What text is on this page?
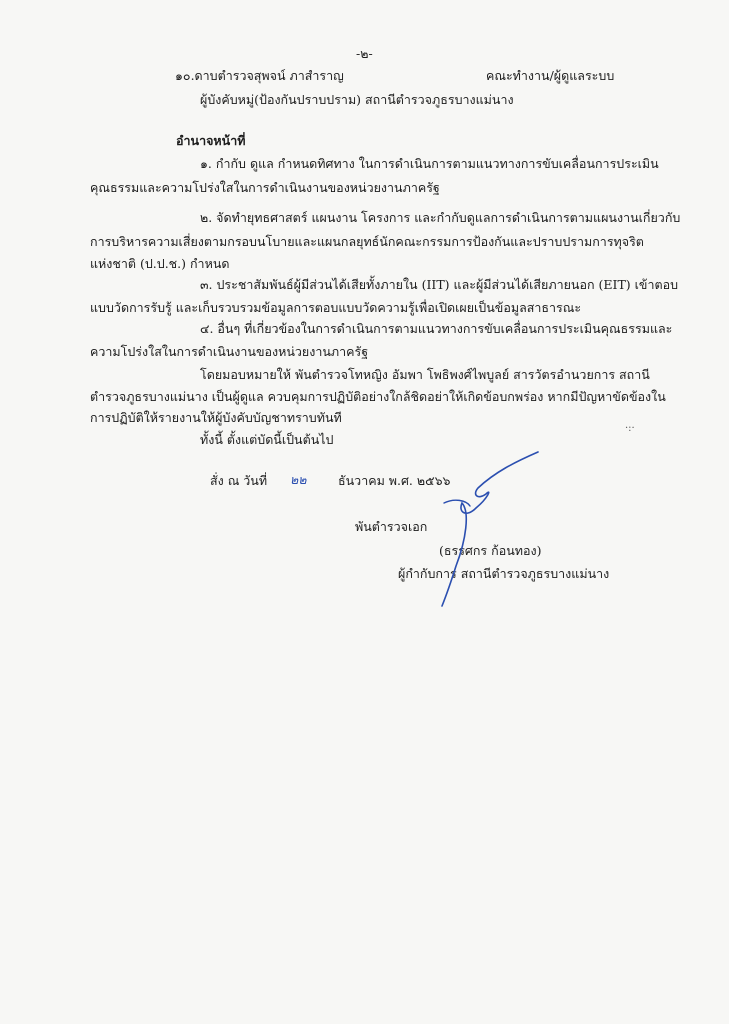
-๒-
๑๐.ดาบตำรวจสุพจน์ ภาสำราญ	คณะทำงาน/ผู้ดูแลระบบ
ผู้บังคับหมู่(ป้องกันปราบปราม) สถานีตำรวจภูธรบางแม่นาง
อำนาจหน้าที่
๑. กำกับ ดูแล กำหนดทิศทาง ในการดำเนินการตามแนวทางการขับเคลื่อนการประเมิน
คุณธรรมและความโปร่งใสในการดำเนินงานของหน่วยงานภาครัฐ
๒. จัดทำยุทธศาสตร์ แผนงาน โครงการ และกำกับดูแลการดำเนินการตามแผนงานเกี่ยวกับ
การบริหารความเสี่ยงตามกรอบนโบายและแผนกลยุทธ์นักคณะกรรมการป้องกันและปราบปรามการทุจริต
แห่งชาติ (ป.ป.ช.) กำหนด
๓. ประชาสัมพันธ์ผู้มีส่วนได้เสียทั้งภายใน (IIT) และผู้มีส่วนได้เสียภายนอก (EIT) เข้าตอบ
แบบวัดการรับรู้ และเก็บรวบรวมข้อมูลการตอบแบบวัดความรู้เพื่อเปิดเผยเป็นข้อมูลสาธารณะ
๔. อื่นๆ ที่เกี่ยวข้องในการดำเนินการตามแนวทางการขับเคลื่อนการประเมินคุณธรรมและ
ความโปร่งใสในการดำเนินงานของหน่วยงานภาครัฐ
โดยมอบหมายให้ พันตำรวจโทหญิง อัมพา โพธิพงศ์ไพบูลย์ สารวัตรอำนวยการ สถานี
ตำรวจภูธรบางแม่นาง เป็นผู้ดูแล ควบคุมการปฏิบัติอย่างใกล้ชิดอย่าให้เกิดข้อบกพร่อง หากมีปัญหาขัดข้องใน
การปฏิบัติให้รายงานให้ผู้บังคับบัญชาทราบทันที
ทั้งนี้ ตั้งแต่บัดนี้เป็นต้นไป
สั่ง ณ วันที่ ๒๒	ธันวาคม พ.ศ. ๒๕๖๖
พันตำรวจเอก
(ธรรศกร ก้อนทอง)
ผู้กำกับการ สถานีตำรวจภูธรบางแม่นาง
·:·
